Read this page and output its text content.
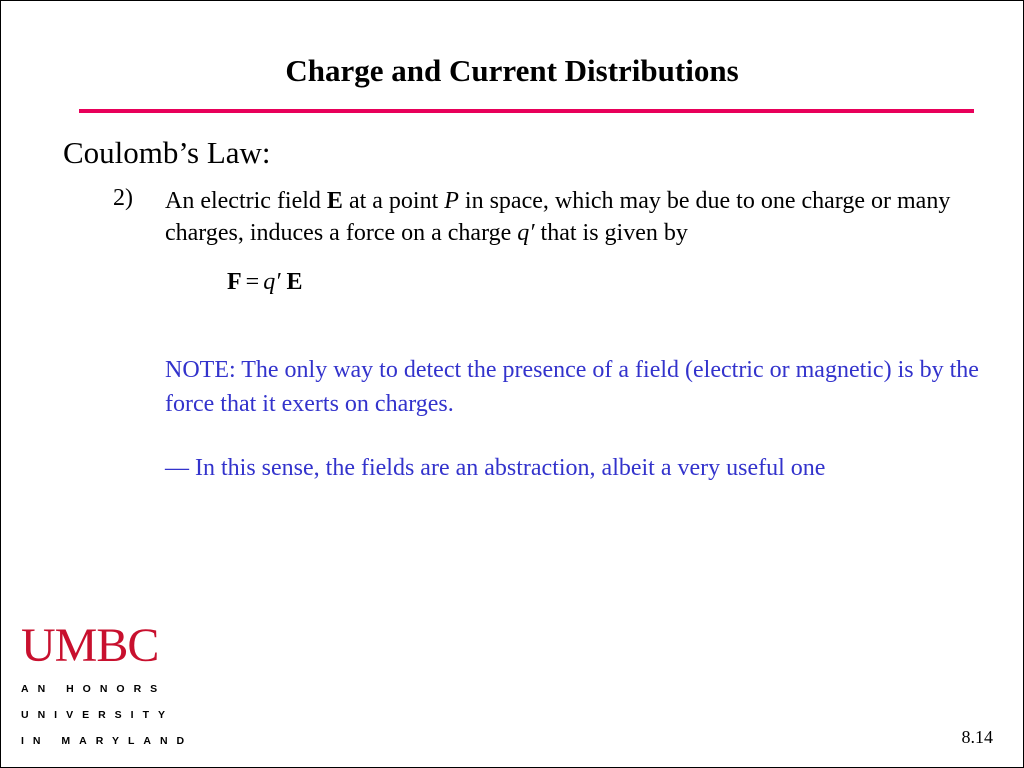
Charge and Current Distributions
Coulomb’s Law:
2) An electric field E at a point P in space, which may be due to one charge or many charges, induces a force on a charge q′ that is given by
F = q′ E
NOTE: The only way to detect the presence of a field (electric or magnetic) is by the force that it exerts on charges.
— In this sense, the fields are an abstraction, albeit a very useful one
UMBC
AN HONORS
UNIVERSITY
IN MARYLAND	8.14
